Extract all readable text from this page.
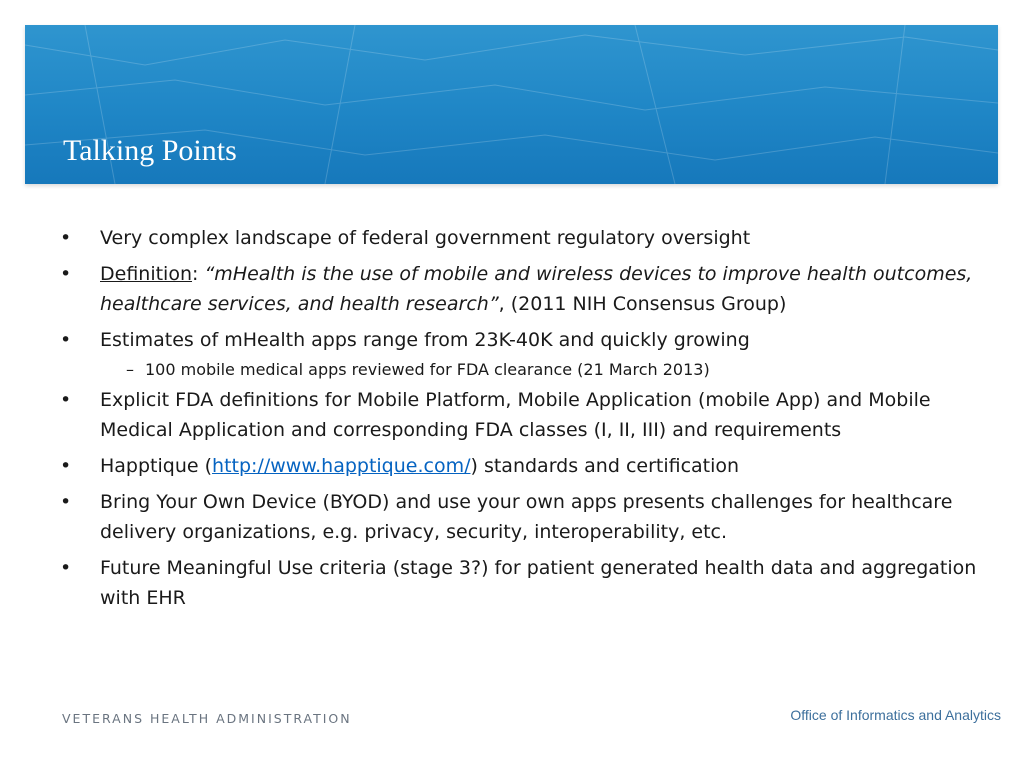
Talking Points
•	Very complex landscape of federal government regulatory oversight
•	Definition: “mHealth is the use of mobile and wireless devices to improve health outcomes, healthcare services, and health research”, (2011 NIH Consensus Group)
•	Estimates of mHealth apps range from 23K-40K and quickly growing
– 100 mobile medical apps reviewed for FDA clearance (21 March 2013)
•	Explicit FDA definitions for Mobile Platform, Mobile Application (mobile App) and Mobile Medical Application and corresponding FDA classes (I, II, III) and requirements
•	Happtique (http://www.happtique.com/) standards and certification
•	Bring Your Own Device (BYOD) and use your own apps presents challenges for healthcare delivery organizations, e.g. privacy, security, interoperability, etc.
•	Future Meaningful Use criteria (stage 3?) for patient generated health data and aggregation with EHR
VETERANS HEALTH ADMINISTRATION	Office of Informatics and Analytics
